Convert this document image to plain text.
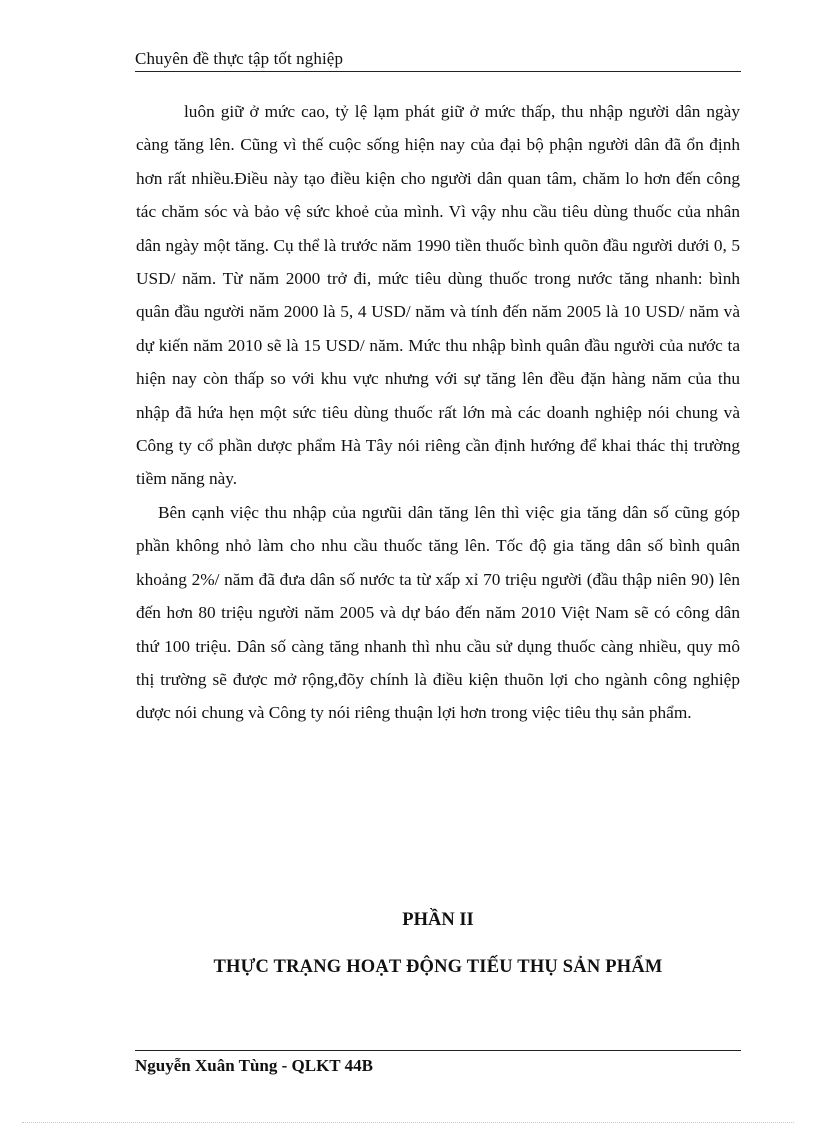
Chuyên đề thực tập tốt nghiệp

luôn giữ ở mức cao, tỷ lệ lạm phát giữ ở mức thấp, thu nhập người dân ngày càng tăng lên. Cũng vì thế cuộc sống hiện nay của đại bộ phận người dân đã ổn định hơn rất nhiều.Điều này tạo điều kiện cho người dân quan tâm, chăm lo hơn đến công tác chăm sóc và bảo vệ sức khoẻ của mình. Vì vậy nhu cầu tiêu dùng thuốc của nhân dân ngày một tăng. Cụ thể là trước năm 1990 tiền thuốc bình quõn đầu người dưới 0, 5 USD/ năm. Từ năm 2000 trở đi, mức tiêu dùng thuốc trong nước tăng nhanh: bình quân đầu người năm 2000 là 5, 4 USD/ năm và tính đến năm 2005 là 10 USD/ năm và dự kiến năm 2010 sẽ là 15 USD/ năm. Mức thu nhập bình quân đầu người của nước ta hiện nay còn thấp so với khu vực nhưng với sự tăng lên đều đặn hàng năm của thu nhập đã hứa hẹn một sức tiêu dùng thuốc rất lớn mà các doanh nghiệp nói chung và Công ty cổ phần dược phẩm Hà Tây nói riêng cần định hướng để khai thác thị trường tiềm năng này.

Bên cạnh việc thu nhập của ngưũi dân tăng lên thì việc gia tăng dân số cũng góp phần không nhỏ làm cho nhu cầu thuốc tăng lên. Tốc độ gia tăng dân số bình quân khoảng 2%/ năm đã đưa dân số nước ta từ xấp xỉ 70 triệu người (đầu thập niên 90) lên đến hơn 80 triệu người năm 2005 và dự báo đến năm 2010 Việt Nam sẽ có công dân thứ 100 triệu. Dân số càng tăng nhanh thì nhu cầu sử dụng thuốc càng nhiều, quy mô thị trường sẽ được mở rộng,đõy chính là điều kiện thuõn lợi cho ngành công nghiệp dược nói chung và Công ty nói riêng thuận lợi hơn trong việc tiêu thụ sản phẩm.

PHẦN II
THỰC TRẠNG HOẠT ĐỘNG TIẾU THỤ SẢN PHẨM
Nguyễn Xuân Tùng - QLKT 44B
